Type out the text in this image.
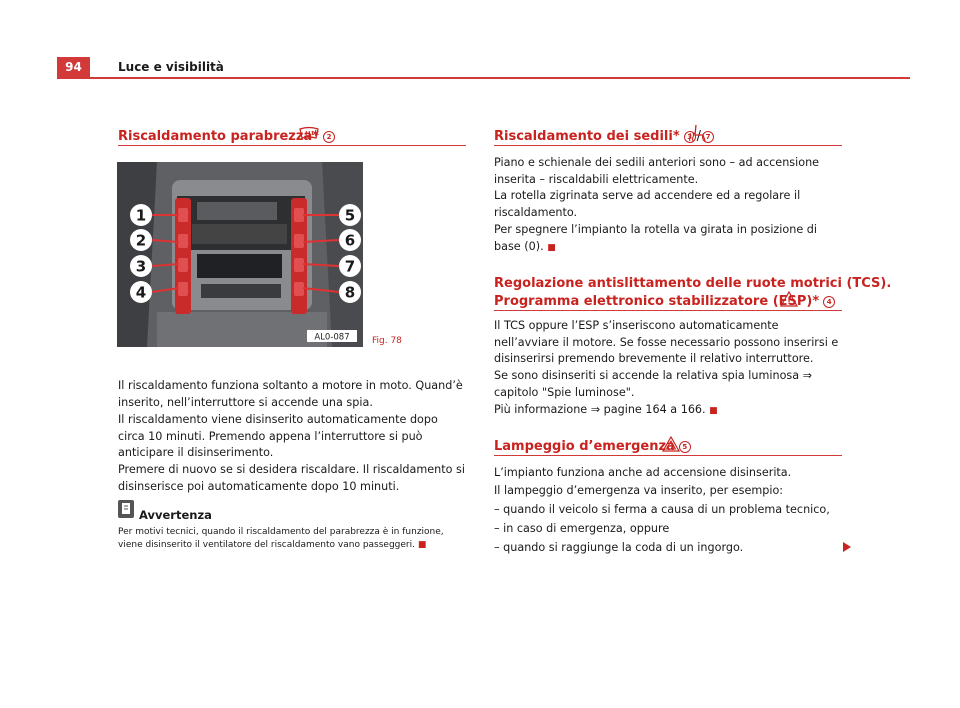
94	Luce e visibilità
Riscaldamento parabrezza* 2
1
2
3
4
5
6
7
8
AL0-087 Fig. 78
Il riscaldamento funziona soltanto a motore in moto. Quand’è inserito, nell’interruttore si accende una spia.
Il riscaldamento viene disinserito automaticamente dopo circa 10 minuti. Premendo appena l’interruttore si può anticipare il disinserimento.
Premere di nuovo se si desidera riscaldare. Il riscaldamento si disinserisce poi automaticamente dopo 10 minuti.
Avvertenza
Per motivi tecnici, quando il riscaldamento del parabrezza è in funzione, viene disinserito il ventilatore del riscaldamento vano passeggeri. ■
Riscaldamento dei sedili* 3 / 7
Piano e schienale dei sedili anteriori sono – ad accensione inserita – riscaldabili elettricamente.
La rotella zigrinata serve ad accendere ed a regolare il riscaldamento.
Per spegnere l’impianto la rotella va girata in posizione di base (0). ■
Regolazione antislittamento delle ruote motrici (TCS).
Programma elettronico stabilizzatore (ESP)* 4
Il TCS oppure l’ESP s’inseriscono automaticamente nell’avviare il motore. Se fosse necessario possono inserirsi e disinserirsi premendo brevemente il relativo interruttore.
Se sono disinseriti si accende la relativa spia luminosa ⇒ capitolo "Spie luminose".
Più informazione ⇒ pagine 164 a 166. ■
Lampeggio d’emergenza 5
L’impianto funziona anche ad accensione disinserita.
Il lampeggio d’emergenza va inserito, per esempio:
– quando il veicolo si ferma a causa di un problema tecnico,
– in caso di emergenza, oppure
– quando si raggiunge la coda di un ingorgo.
